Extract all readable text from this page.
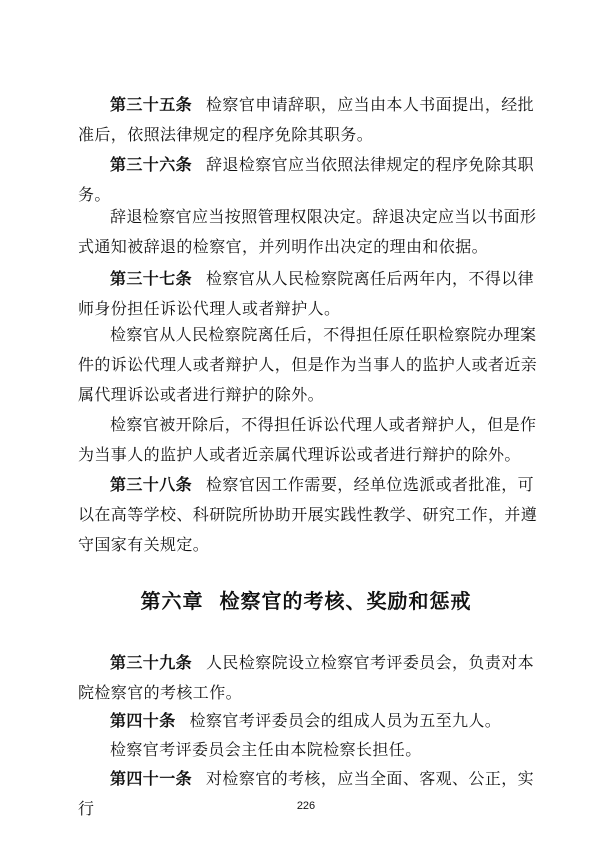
第三十五条 检察官申请辞职，应当由本人书面提出，经批准后，依照法律规定的程序免除其职务。

第三十六条 辞退检察官应当依照法律规定的程序免除其职务。

辞退检察官应当按照管理权限决定。辞退决定应当以书面形式通知被辞退的检察官，并列明作出决定的理由和依据。

第三十七条 检察官从人民检察院离任后两年内，不得以律师身份担任诉讼代理人或者辩护人。

检察官从人民检察院离任后，不得担任原任职检察院办理案件的诉讼代理人或者辩护人，但是作为当事人的监护人或者近亲属代理诉讼或者进行辩护的除外。

检察官被开除后，不得担任诉讼代理人或者辩护人，但是作为当事人的监护人或者近亲属代理诉讼或者进行辩护的除外。

第三十八条 检察官因工作需要，经单位选派或者批准，可以在高等学校、科研院所协助开展实践性教学、研究工作，并遵守国家有关规定。

第六章 检察官的考核、奖励和惩戒

第三十九条 人民检察院设立检察官考评委员会，负责对本院检察官的考核工作。

第四十条 检察官考评委员会的组成人员为五至九人。

检察官考评委员会主任由本院检察长担任。

第四十一条 对检察官的考核，应当全面、客观、公正，实行	226
